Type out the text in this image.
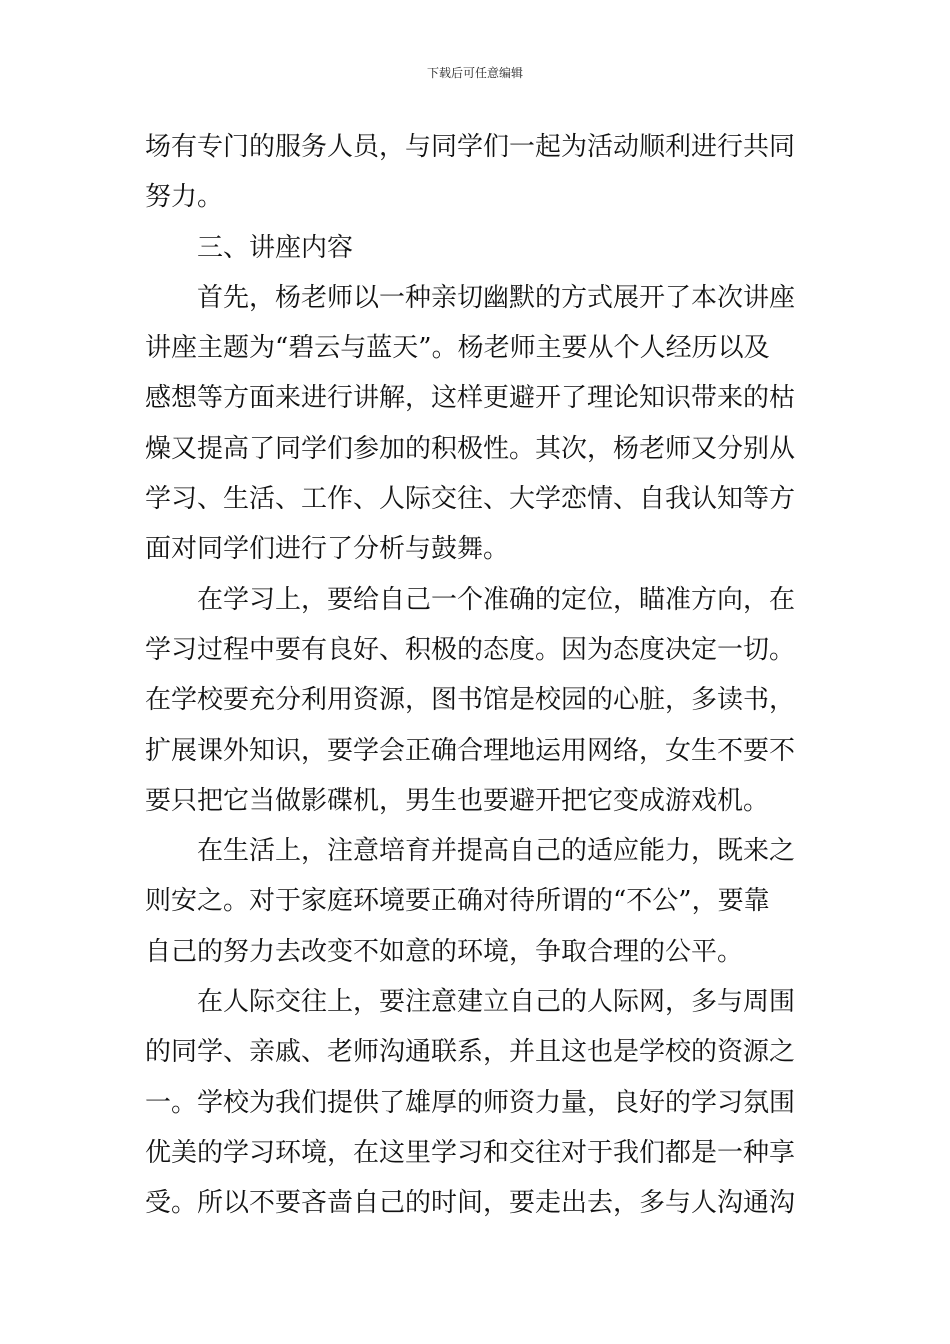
下载后可任意编辑
场有专门的服务人员，与同学们一起为活动顺利进行共同
努力。
三、讲座内容
首先，杨老师以一种亲切幽默的方式展开了本次讲座
讲座主题为“碧云与蓝天”。杨老师主要从个人经历以及
感想等方面来进行讲解，这样更避开了理论知识带来的枯
燥又提高了同学们参加的积极性。其次，杨老师又分别从
学习、生活、工作、人际交往、大学恋情、自我认知等方
面对同学们进行了分析与鼓舞。
在学习上，要给自己一个准确的定位，瞄准方向，在
学习过程中要有良好、积极的态度。因为态度决定一切。
在学校要充分利用资源，图书馆是校园的心脏，多读书，
扩展课外知识，要学会正确合理地运用网络，女生不要不
要只把它当做影碟机，男生也要避开把它变成游戏机。
在生活上，注意培育并提高自己的适应能力，既来之
则安之。对于家庭环境要正确对待所谓的“不公”，要靠
自己的努力去改变不如意的环境，争取合理的公平。
在人际交往上，要注意建立自己的人际网，多与周围
的同学、亲戚、老师沟通联系，并且这也是学校的资源之
一。学校为我们提供了雄厚的师资力量，良好的学习氛围
优美的学习环境，在这里学习和交往对于我们都是一种享
受。所以不要吝啬自己的时间，要走出去，多与人沟通沟
